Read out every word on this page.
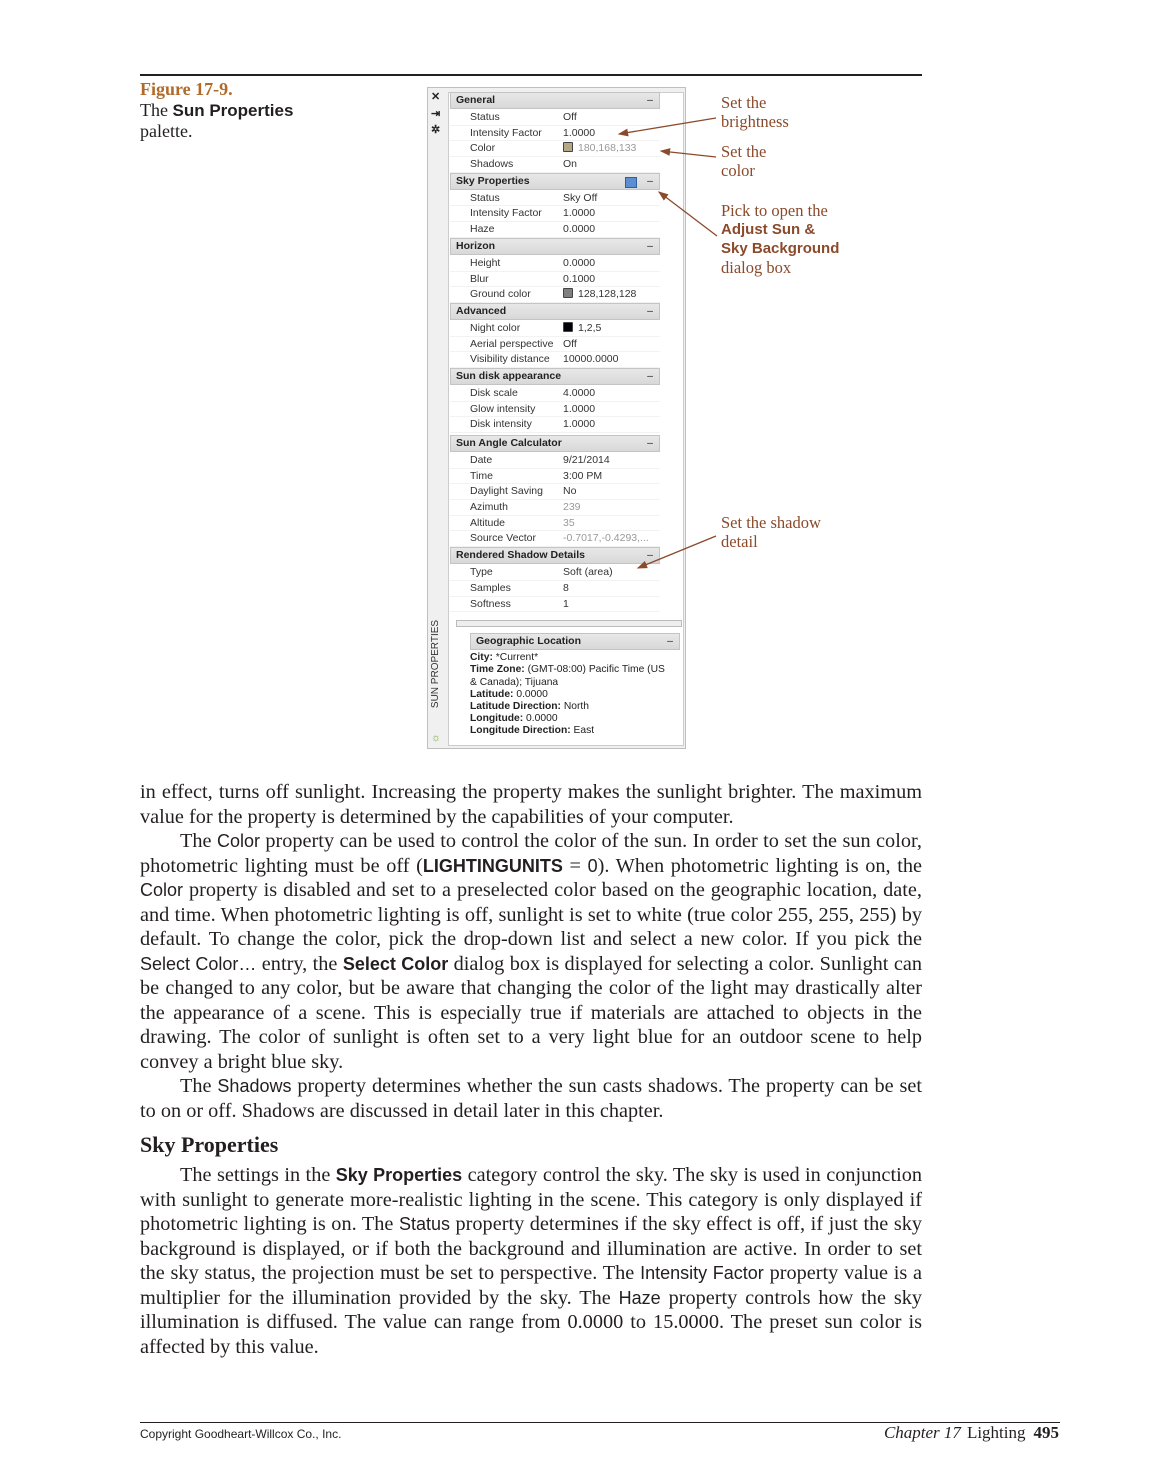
Figure 17-9.
The Sun Properties
palette.
✕
⇥
✲
SUN PROPERTIES
☼
General	–
Status	Off
Intensity Factor 1.0000
Color	180,168,133
Shadows	On
Sky Properties	–
Status	Sky Off
Intensity Factor 1.0000
Haze	0.0000
Horizon	–
Height	0.0000
Blur	0.1000
Ground color	128,128,128
Advanced	–
Night color	1,2,5
Aerial perspective Off
Visibility distance 10000.0000
Sun disk appearance	–
Disk scale	4.0000
Glow intensity	1.0000
Disk intensity	1.0000
Sun Angle Calculator	–
Date	9/21/2014
Time	3:00 PM
Daylight Saving No
Azimuth	239
Altitude	35
Source Vector	-0.7017,-0.4293,...
Rendered Shadow Details	–
Type	Soft (area)
Samples	8
Softness	1
Geographic Location	–
City: *Current*
Time Zone: (GMT-08:00) Pacific Time (US
& Canada); Tijuana
Latitude: 0.0000
Latitude Direction: North
Longitude: 0.0000
Longitude Direction: East
Set the
brightness
Set the
color
Pick to open the
Adjust Sun &
Sky Background
dialog box
Set the shadow
detail

in effect, turns off sunlight. Increasing the property makes the sunlight brighter. The maximum value for the property is determined by the capabilities of your computer.

The Color property can be used to control the color of the sun. In order to set the sun color, photometric lighting must be off (LIGHTINGUNITS = 0). When photometric lighting is on, the Color property is disabled and set to a preselected color based on the geographic location, date, and time. When photometric lighting is off, sunlight is set to white (true color 255, 255, 255) by default. To change the color, pick the drop-down list and select a new color. If you pick the Select Color… entry, the Select Color dialog box is displayed for selecting a color. Sunlight can be changed to any color, but be aware that changing the color of the light may drastically alter the appearance of a scene. This is especially true if materials are attached to objects in the drawing. The color of sunlight is often set to a very light blue for an outdoor scene to help convey a bright blue sky.

The Shadows property determines whether the sun casts shadows. The property can be set to on or off. Shadows are discussed in detail later in this chapter.

Sky Properties

The settings in the Sky Properties category control the sky. The sky is used in conjunction with sunlight to generate more-realistic lighting in the scene. This category is only displayed if photometric lighting is on. The Status property determines if the sky effect is off, if just the sky background is displayed, or if both the background and illumination are active. In order to set the sky status, the projection must be set to perspective. The Intensity Factor property value is a multiplier for the illumination provided by the sky. The Haze property controls how the sky illumination is diffused. The value can range from 0.0000 to 15.0000. The preset sun color is affected by this value.

Copyright Goodheart-Willcox Co., Inc.	Chapter 17 Lighting 495
